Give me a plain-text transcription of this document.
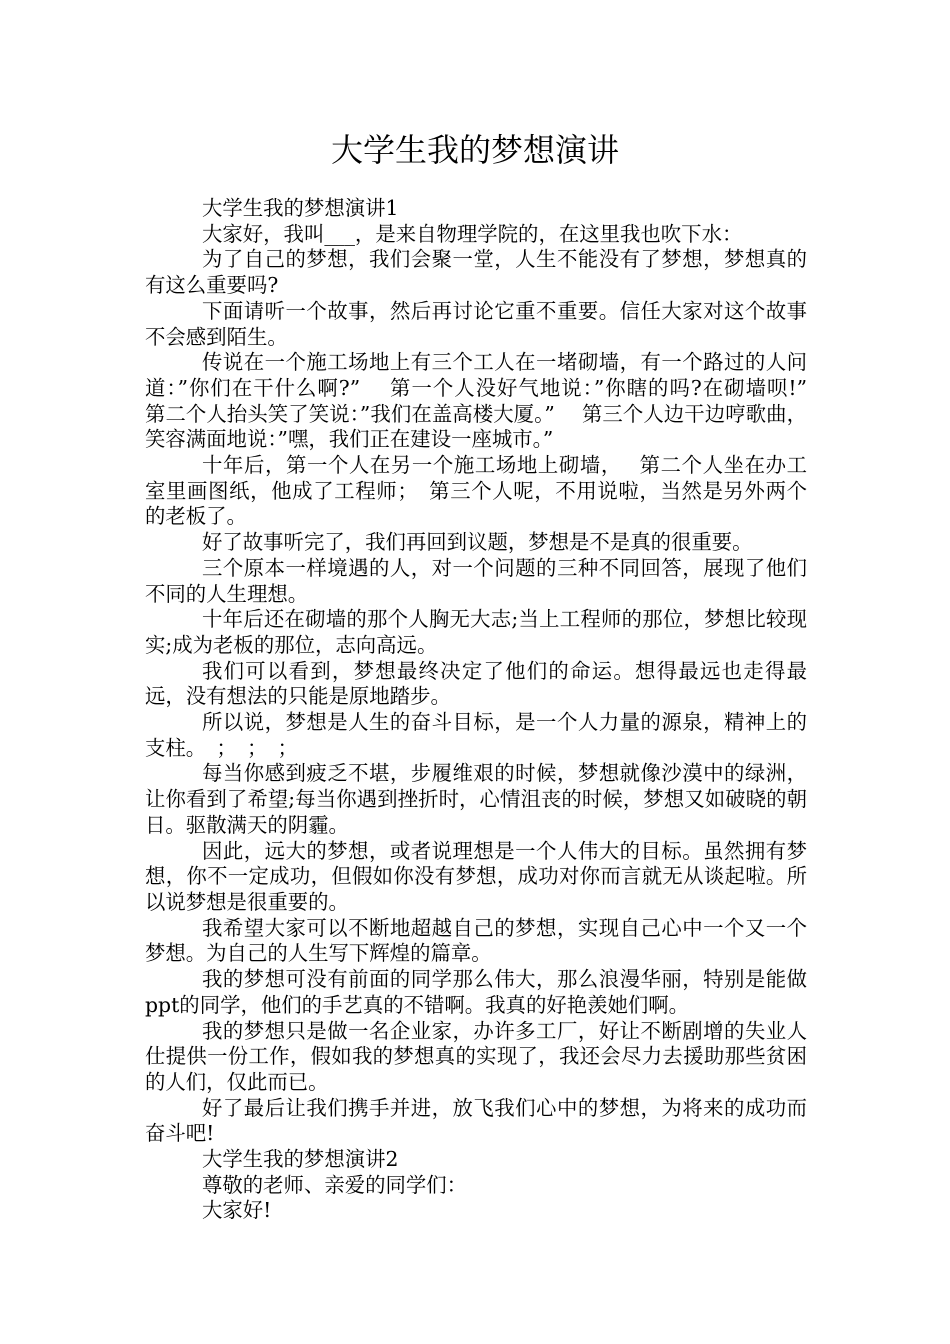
大学生我的梦想演讲

大学生我的梦想演讲1

大家好，我叫___，是来自物理学院的，在这里我也吹下水：

为了自己的梦想，我们会聚一堂，人生不能没有了梦想，梦想真的有这么重要吗?

下面请听一个故事，然后再讨论它重不重要。信任大家对这个故事不会感到陌生。

传说在一个施工场地上有三个工人在一堵砌墙，有一个路过的人问道：”你们在干什么啊?”　 第一个人没好气地说：”你瞎的吗?在砌墙呗!”　 第二个人抬头笑了笑说：”我们在盖高楼大厦。”　 第三个人边干边哼歌曲，笑容满面地说：”嘿，我们正在建设一座城市。”

十年后，第一个人在另一个施工场地上砌墙，　 第二个人坐在办工室里画图纸，他成了工程师；　第三个人呢，不用说啦，当然是另外两个的老板了。

好了故事听完了，我们再回到议题，梦想是不是真的很重要。

三个原本一样境遇的人，对一个问题的三种不同回答，展现了他们不同的人生理想。

十年后还在砌墙的那个人胸无大志;当上工程师的那位，梦想比较现实;成为老板的那位，志向高远。

我们可以看到，梦想最终决定了他们的命运。想得最远也走得最远，没有想法的只能是原地踏步。

所以说，梦想是人生的奋斗目标，是一个人力量的源泉，精神上的支柱。　；　；　；

每当你感到疲乏不堪，步履维艰的时候，梦想就像沙漠中的绿洲，让你看到了希望;每当你遇到挫折时，心情沮丧的时候，梦想又如破晓的朝日。驱散满天的阴霾。

因此，远大的梦想，或者说理想是一个人伟大的目标。虽然拥有梦想，你不一定成功，但假如你没有梦想，成功对你而言就无从谈起啦。所以说梦想是很重要的。

我希望大家可以不断地超越自己的梦想，实现自己心中一个又一个梦想。为自己的人生写下辉煌的篇章。

我的梦想可没有前面的同学那么伟大，那么浪漫华丽，特别是能做ppt的同学，他们的手艺真的不错啊。我真的好艳羡她们啊。

我的梦想只是做一名企业家，办许多工厂，好让不断剧增的失业人仕提供一份工作，假如我的梦想真的实现了，我还会尽力去援助那些贫困的人们，仅此而已。

好了最后让我们携手并进，放飞我们心中的梦想，为将来的成功而奋斗吧!

大学生我的梦想演讲2

尊敬的老师、亲爱的同学们：

大家好!
